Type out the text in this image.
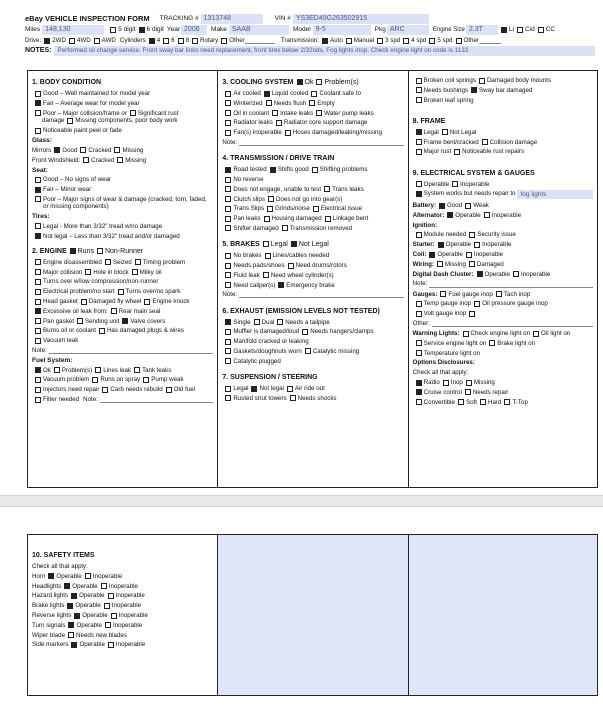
eBay VEHICLE INSPECTION FORM TRACKING # 1313748	VIN # YS3ED49G263502915
Miles 148,130	5 digit 6 digit Year 2006	Make SAAB	Model 9-5	Pkg ARC	Engine Size 2.3T	Li Cid CC
Drive: 2WD 4WD AWD Cylinders 4 6 8 Rotary Other	Transmission: Auto Manual 3 spd 4 spd 5 spd Other
NOTES: Performed oil change service. Front sway bar links need replacement, front tires below 2/32nds, Fog lights inop. Check engine light on code is 1133
1. BODY CONDITION
Good – Well maintained for model year
Fair – Average wear for model year
Poor – Major collision/frame or Significant rust
damage Missing components, poor body work
Noticeable paint peel or fade
Glass:
Mirrors Good Cracked Missing
Front Windshield: Cracked Missing
Seat:
Good – No signs of wear
Fair – Minor wear
Poor – Major signs of wear & damage (cracked, torn, faded, or missing components)
Tires:
Legal - More than 3/32" tread w/no damage
Not legal – Less than 3/32" tread and/or damaged
2. ENGINE Runs Non-Runner
Engine disassembled Seized Timing problem
Major collision Hole in block Milky oil
Turns over w/low compression/non-runner
Electrical problem/no start Turns over/no spark
Head gasket Damaged fly wheel Engine knock
Excessive oil leak from: Rear main seal
Pan gasket Sending unit Valve covers
Burns oil or coolant Has damaged plugs & wires
Vacuum leak
Note:
Fuel System:
Ok Problem(s) Lines leak Tank leaks
Vacuum problem Runs on spray Pump weak
Injectors need repair Carb needs rebuild Old fuel
Filter needed Note:
3. COOLING SYSTEM Ok Problem(s)
Air cooled Liquid cooled Coolant safe to
Winterized Needs flush Empty
Oil in coolant Intake leaks Water pump leaks
Radiator leaks Radiator core support damage
Fan(s) inoperable Hoses damaged/leaking/missing
Note:
4. TRANSMISSION / DRIVE TRAIN
Road tested Shifts good Shifting problems
No reverse
Does not engage, unable to test Trans leaks
Clutch slips Does not go into gear(s)
Trans Slips Grinds/noise Electrical issue
Pan leaks Housing damaged Linkage bent
Shifter damaged Transmission removed
5. BRAKES Legal Not Legal
No brakes Lines/cables needed
Needs pads/shoes Need drums/rotors
Fluid leak Need wheel cylinder(s)
Need caliper(s) Emergency brake
Note:
6. EXHAUST (EMISSION LEVELS NOT TESTED)
Single Dual Needs a tailpipe
Muffler is damaged/loud Needs hangers/clamps
Manifold cracked or leaking
Gaskets/doughnuts worn Catalytic missing
Catalytic plugged
7. SUSPENSION / STEERING
Legal Not legal Air ride out
Rusted strut towers Needs shocks
Broken coil springs Damaged body mounts
Needs bushings Sway bar damaged
Broken leaf spring
8. FRAME
Legal Not Legal
Frame bent/cracked Collision damage
Major rust Noticeable rust repairs
9. ELECTRICAL SYSTEM & GAUGES
Operable Inoperable
System works but needs repair to fog lights
Battery: Good Weak
Alternator: Operable Inoperable
Ignition:
Module needed Security issue
Starter: Operable Inoperable
Coil: Operable Inoperable
Wiring: Missing Damaged
Digital Dash Cluster: Operable Inoperable
Note:
Gauges: Fuel gauge inop Tach inop
Temp gauge inop Oil pressure gauge inop
Volt gauge inop
Other:
Warning Lights: Check engine light on Oil light on
Service engine light on Brake light on
Temperature light on
Options Disclosures:
Check all that apply:
Radio Inop Missing
Cruise control Needs repair
Convertible Soft Hard T-Top
10. SAFETY ITEMS
Check all that apply:
Horn Operable Inoperable
Headlights Operable Inoperable
Hazard lights Operable Inoperable
Brake lights Operable Inoperable
Reverse lights Operable Inoperable
Turn signals Operable Inoperable
Wiper blade Needs new blades
Side markers Operable Inoperable
